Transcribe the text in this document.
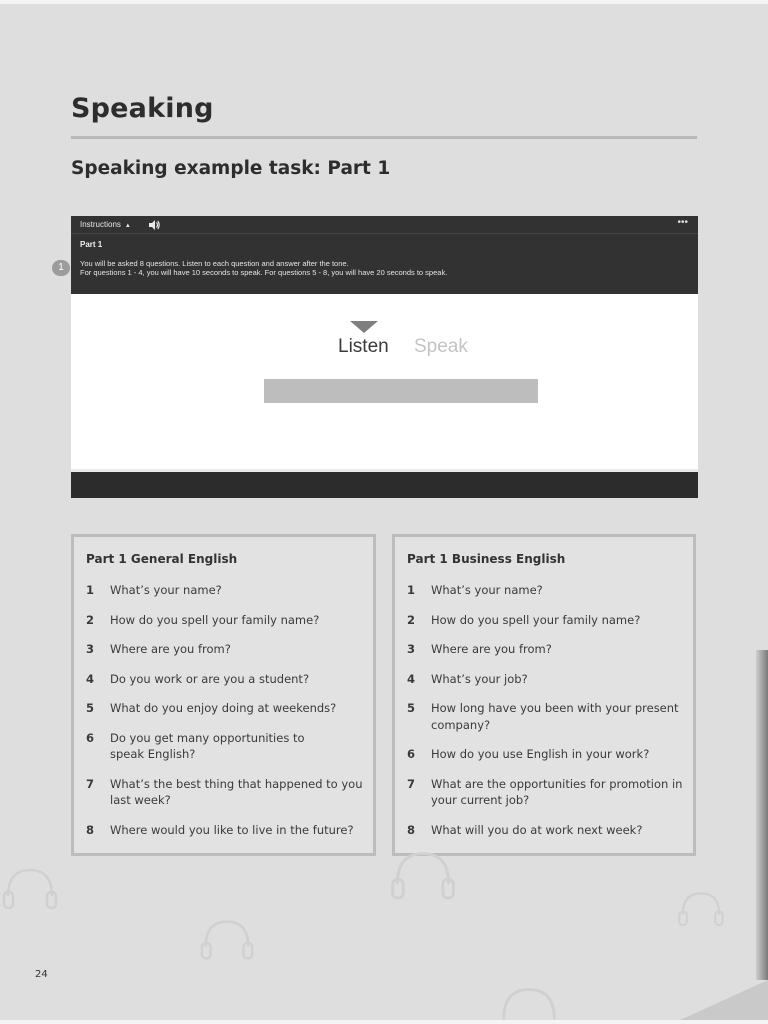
Speaking
Speaking example task: Part 1
1
Instructions ▲	•••
Part 1
You will be asked 8 questions. Listen to each question and answer after the tone.
For questions 1 - 4, you will have 10 seconds to speak. For questions 5 - 8, you will have 20 seconds to speak.
Listen Speak
Part 1 General English
1 What’s your name?
2 How do you spell your family name?
3 Where are you from?
4 Do you work or are you a student?
5 What do you enjoy doing at weekends?
6 Do you get many opportunities to speak English?
7 What’s the best thing that happened to you last week?
8 Where would you like to live in the future?
Part 1 Business English
1 What’s your name?
2 How do you spell your family name?
3 Where are you from?
4 What’s your job?
5 How long have you been with your present company?
6 How do you use English in your work?
7 What are the opportunities for promotion in your current job?
8 What will you do at work next week?
24
